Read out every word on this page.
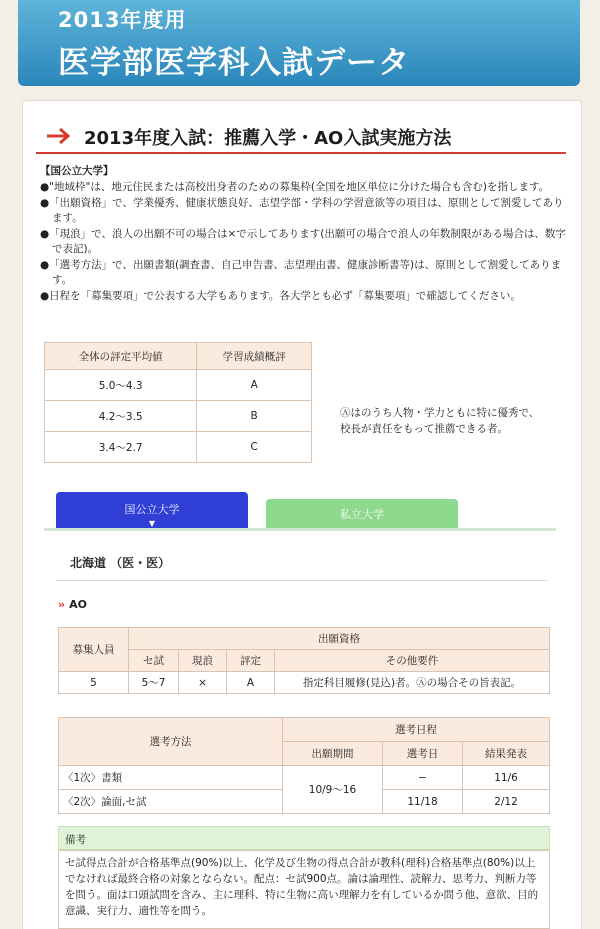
2013年度用
医学部医学科入試データ
2013年度入試：推薦入学・AO入試実施方法
【国公立大学】
●"地域枠"は、地元住民または高校出身者のための募集枠(全国を地区単位に分けた場合も含む)を指します。
●「出願資格」で、学業優秀、健康状態良好、志望学部・学科の学習意欲等の項目は、原則として割愛してあります。
●「現浪」で、浪人の出願不可の場合は×で示してあります(出願可の場合で浪人の年数制限がある場合は、数字で表記)。
●「選考方法」で、出願書類(調査書、自己申告書、志望理由書、健康診断書等)は、原則として割愛してあります。
●日程を「募集要項」で公表する大学もあります。各大学とも必ず「募集要項」で確認してください。
全体の評定平均値	学習成績概評
5.0〜4.3	A
4.2〜3.5	B
3.4〜2.7	C
Ⓐはのうち人物・学力ともに特に優秀で、
校長が責任をもって推薦できる者。
国公立大学
▼
私立大学
北海道 （医・医）
» AO
募集人員	出願資格			
	セ試	現浪	評定	その他要件
5	5〜7	×	A	指定科目履修(見込)者。Ⓐの場合その旨表記。
選考方法	選考日程		
	出願期間	選考日	結果発表
〈1次〉書類	10/9〜16	−	11/6
〈2次〉論面,セ試		11/18	2/12
備考
セ試得点合計が合格基準点(90%)以上、化学及び生物の得点合計が教科(理科)合格基準点(80%)以上でなければ最終合格の対象とならない。配点：セ試900点。論は論理性、読解力、思考力、判断力等を問う。面は口頭試問を含み、主に理科、特に生物に高い理解力を有しているか問う他、意欲、目的意識、実行力、適性等を問う。
